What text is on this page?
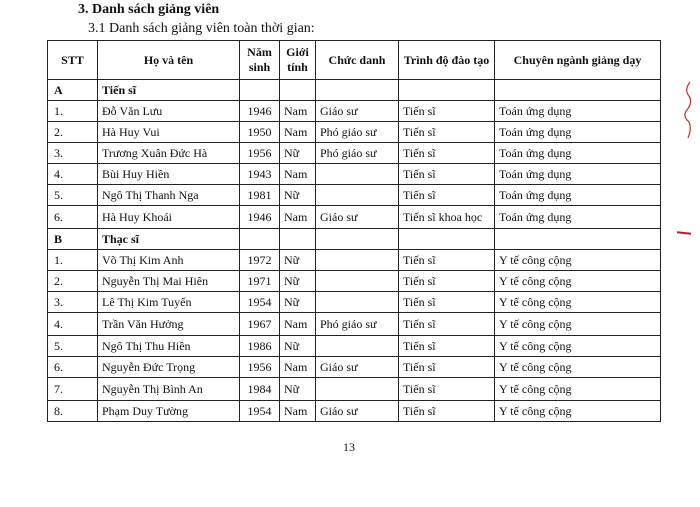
3. Danh sách giảng viên
3.1 Danh sách giảng viên toàn thời gian:
STT	Họ và tên	Năm sinh	Giới tính	Chức danh	Trình độ đào tạo	Chuyên ngành giảng dạy
A	Tiến sĩ					
1.	Đỗ Văn Lưu	1946	Nam	Giáo sư	Tiến sĩ	Toán ứng dụng
2.	Hà Huy Vui	1950	Nam	Phó giáo sư	Tiến sĩ	Toán ứng dụng
3.	Trương Xuân Đức Hà	1956	Nữ	Phó giáo sư	Tiến sĩ	Toán ứng dụng
4.	Bùi Huy Hiền	1943	Nam		Tiến sĩ	Toán ứng dụng
5.	Ngô Thị Thanh Nga	1981	Nữ		Tiến sĩ	Toán ứng dụng
6.	Hà Huy Khoái	1946	Nam	Giáo sư	Tiến sĩ khoa học	Toán ứng dụng
B	Thạc sĩ					
1.	Võ Thị Kim Anh	1972	Nữ		Tiến sĩ	Y tế công cộng
2.	Nguyễn Thị Mai Hiên	1971	Nữ		Tiến sĩ	Y tế công cộng
3.	Lê Thị Kim Tuyến	1954	Nữ		Tiến sĩ	Y tế công cộng
4.	Trần Văn Hưởng	1967	Nam	Phó giáo sư	Tiến sĩ	Y tế công cộng
5.	Ngô Thị Thu Hiền	1986	Nữ		Tiến sĩ	Y tế công cộng
6.	Nguyễn Đức Trọng	1956	Nam	Giáo sư	Tiến sĩ	Y tế công cộng
7.	Nguyễn Thị Bình An	1984	Nữ		Tiến sĩ	Y tế công cộng
8.	Phạm Duy Tường	1954	Nam	Giáo sư	Tiến sĩ	Y tế công cộng
13
